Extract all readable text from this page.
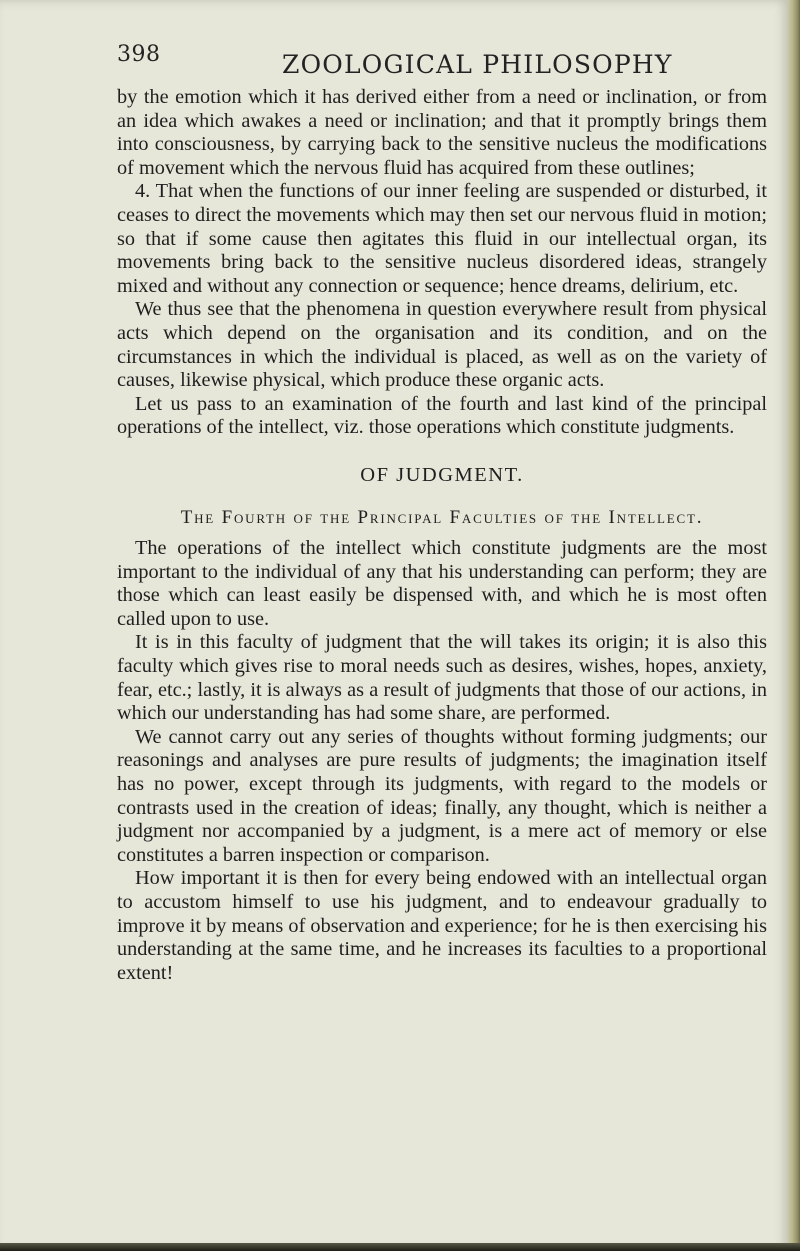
398	ZOOLOGICAL PHILOSOPHY

by the emotion which it has derived either from a need or inclination, or from an idea which awakes a need or inclination; and that it promptly brings them into consciousness, by carrying back to the sensitive nucleus the modifications of movement which the nervous fluid has acquired from these outlines;

4. That when the functions of our inner feeling are suspended or disturbed, it ceases to direct the movements which may then set our nervous fluid in motion; so that if some cause then agitates this fluid in our intellectual organ, its movements bring back to the sensitive nucleus disordered ideas, strangely mixed and without any connection or sequence; hence dreams, delirium, etc.

We thus see that the phenomena in question everywhere result from physical acts which depend on the organisation and its condition, and on the circumstances in which the individual is placed, as well as on the variety of causes, likewise physical, which produce these organic acts.

Let us pass to an examination of the fourth and last kind of the principal operations of the intellect, viz. those operations which constitute judgments.

OF JUDGMENT.
The Fourth of the Principal Faculties of the Intellect.

The operations of the intellect which constitute judgments are the most important to the individual of any that his understanding can perform; they are those which can least easily be dispensed with, and which he is most often called upon to use.

It is in this faculty of judgment that the will takes its origin; it is also this faculty which gives rise to moral needs such as desires, wishes, hopes, anxiety, fear, etc.; lastly, it is always as a result of judgments that those of our actions, in which our understanding has had some share, are performed.

We cannot carry out any series of thoughts without forming judgments; our reasonings and analyses are pure results of judgments; the imagination itself has no power, except through its judgments, with regard to the models or contrasts used in the creation of ideas; finally, any thought, which is neither a judgment nor accompanied by a judgment, is a mere act of memory or else constitutes a barren inspection or comparison.

How important it is then for every being endowed with an intellectual organ to accustom himself to use his judgment, and to endeavour gradually to improve it by means of observation and experience; for he is then exercising his understanding at the same time, and he increases its faculties to a proportional extent!
